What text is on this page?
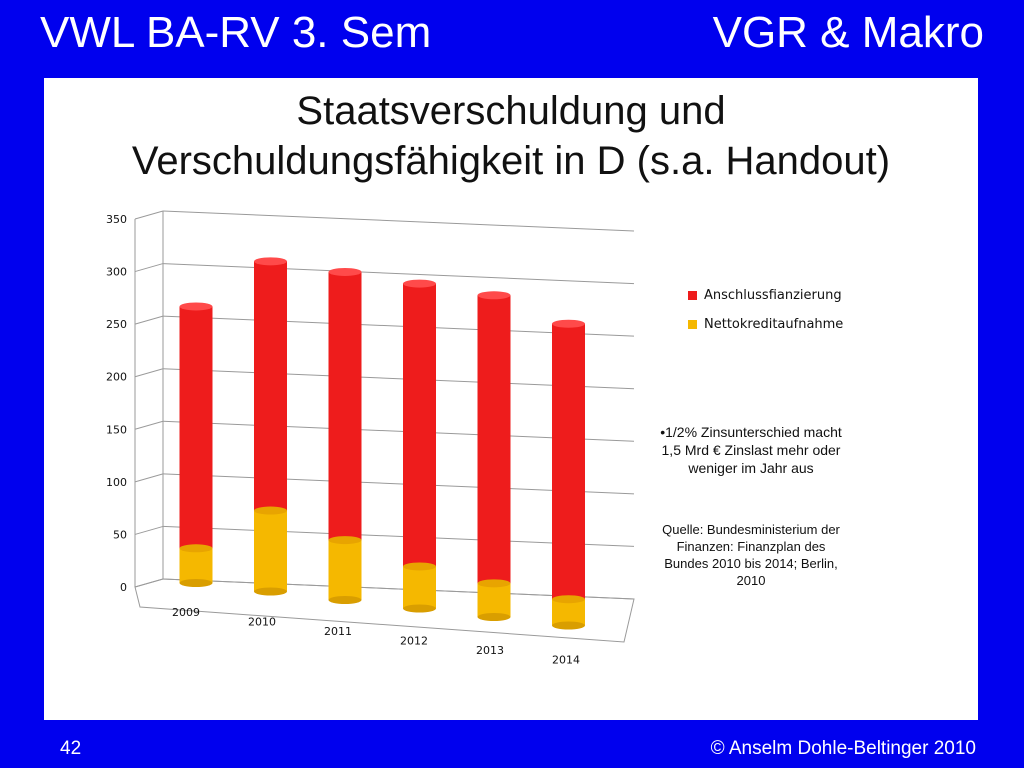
VWL BA-RV 3. Sem	VGR & Makro
Staatsverschuldung und
Verschuldungsfähigkeit in D (s.a. Handout)
0
50
100
150
200
250
300
350
2009
2010
2011
2012
2013
2014
Anschlussfianzierung
Nettokreditaufnahme
•1/2% Zinsunterschied macht 1,5 Mrd € Zinslast mehr oder weniger im Jahr aus
Quelle: Bundesministerium der Finanzen: Finanzplan des Bundes 2010 bis 2014; Berlin, 2010
42	© Anselm Dohle-Beltinger 2010
